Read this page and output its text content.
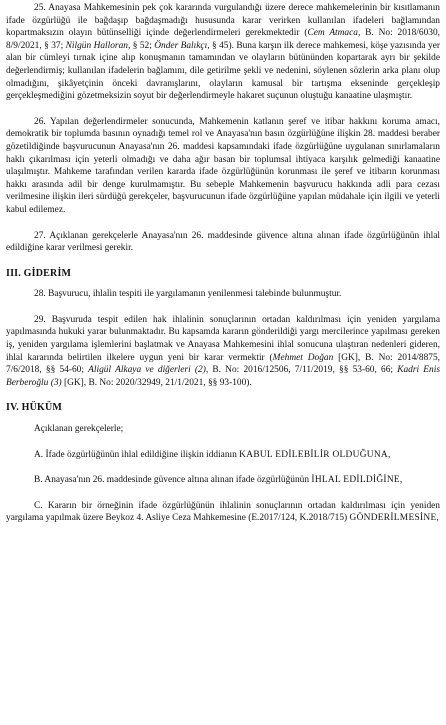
25. Anayasa Mahkemesinin pek çok kararında vurgulandığı üzere derece mahkemelerinin bir kısıtlamanın ifade özgürlüğü ile bağdaşıp bağdaşmadığı hususunda karar verirken kullanılan ifadeleri bağlamından kopartmaksızın olayın bütünselliği içinde değerlendirmeleri gerekmektedir (Cem Atmaca, B. No: 2018/6030, 8/9/2021, § 37; Nilgün Halloran, § 52; Önder Balıkçı, § 45). Buna karşın ilk derece mahkemesi, köşe yazısında yer alan bir cümleyi tırnak içine alıp konuşmanın tamamından ve olayların bütününden kopartarak ayrı bir şekilde değerlendirmiş; kullanılan ifadelerin bağlamını, dile getirilme şekli ve nedenini, söylenen sözlerin arka planı olup olmadığını, şikâyetçinin önceki davranışlarını, olayların kamusal bir tartışma ekseninde gerçekleşip gerçekleşmediğini gözetmeksizin soyut bir değerlendirmeyle hakaret suçunun oluştuğu kanaatine ulaşmıştır.

26. Yapılan değerlendirmeler sonucunda, Mahkemenin katlanın şeref ve itibar hakkını koruma amacı, demokratik bir toplumda basının oynadığı temel rol ve Anayasa'nın basın özgürlüğüne ilişkin 28. maddesi beraber gözetildiğinde başvurucunun Anayasa'nın 26. maddesi kapsamındaki ifade özgürlüğüne uygulanan sınırlamaların haklı çıkarılması için yeterli olmadığı ve daha ağır basan bir toplumsal ihtiyaca karşılık gelmediği kanaatine ulaşılmıştır. Mahkeme tarafından verilen kararda ifade özgürlüğünün korunması ile şeref ve itibarın korunması hakkı arasında adil bir denge kurulmamıştır. Bu sebeple Mahkemenin başvurucu hakkında adli para cezası verilmesine ilişkin ileri sürdüğü gerekçeler, başvurucunun ifade özgürlüğüne yapılan müdahale için ilgili ve yeterli kabul edilemez.

27. Açıklanan gerekçelerle Anayasa'nın 26. maddesinde güvence altına alınan ifade özgürlüğünün ihlal edildiğine karar verilmesi gerekir.

III. GİDERİM

28. Başvurucu, ihlalin tespiti ile yargılamanın yenilenmesi talebinde bulunmuştur.

29. Başvuruda tespit edilen hak ihlalinin sonuçlarının ortadan kaldırılması için yeniden yargılama yapılmasında hukuki yarar bulunmaktadır. Bu kapsamda kararın gönderildiği yargı mercilerince yapılması gereken iş, yeniden yargılama işlemlerini başlatmak ve Anayasa Mahkemesini ihlal sonucuna ulaştıran nedenleri gideren, ihlal kararında belirtilen ilkelere uygun yeni bir karar vermektir (Mehmet Doğan [GK], B. No: 2014/8875, 7/6/2018, §§ 54-60; Aligül Alkaya ve diğerleri (2), B. No: 2016/12506, 7/11/2019, §§ 53-60, 66; Kadri Enis Berberoğlu (3) [GK], B. No: 2020/32949, 21/1/2021, §§ 93-100).

IV. HÜKÜM

Açıklanan gerekçelerle;

A. İfade özgürlüğünün ihlal edildiğine ilişkin iddianın KABUL EDİLEBİLİR OLDUĞUNA,

B. Anayasa'nın 26. maddesinde güvence altına alınan ifade özgürlüğünün İHLAL EDİLDİĞİNE,

C. Kararın bir örneğinin ifade özgürlüğünün ihlalinin sonuçlarının ortadan kaldırılması için yeniden yargılama yapılmak üzere Beykoz 4. Asliye Ceza Mahkemesine (E.2017/124, K.2018/715) GÖNDERİLMESİNE,
